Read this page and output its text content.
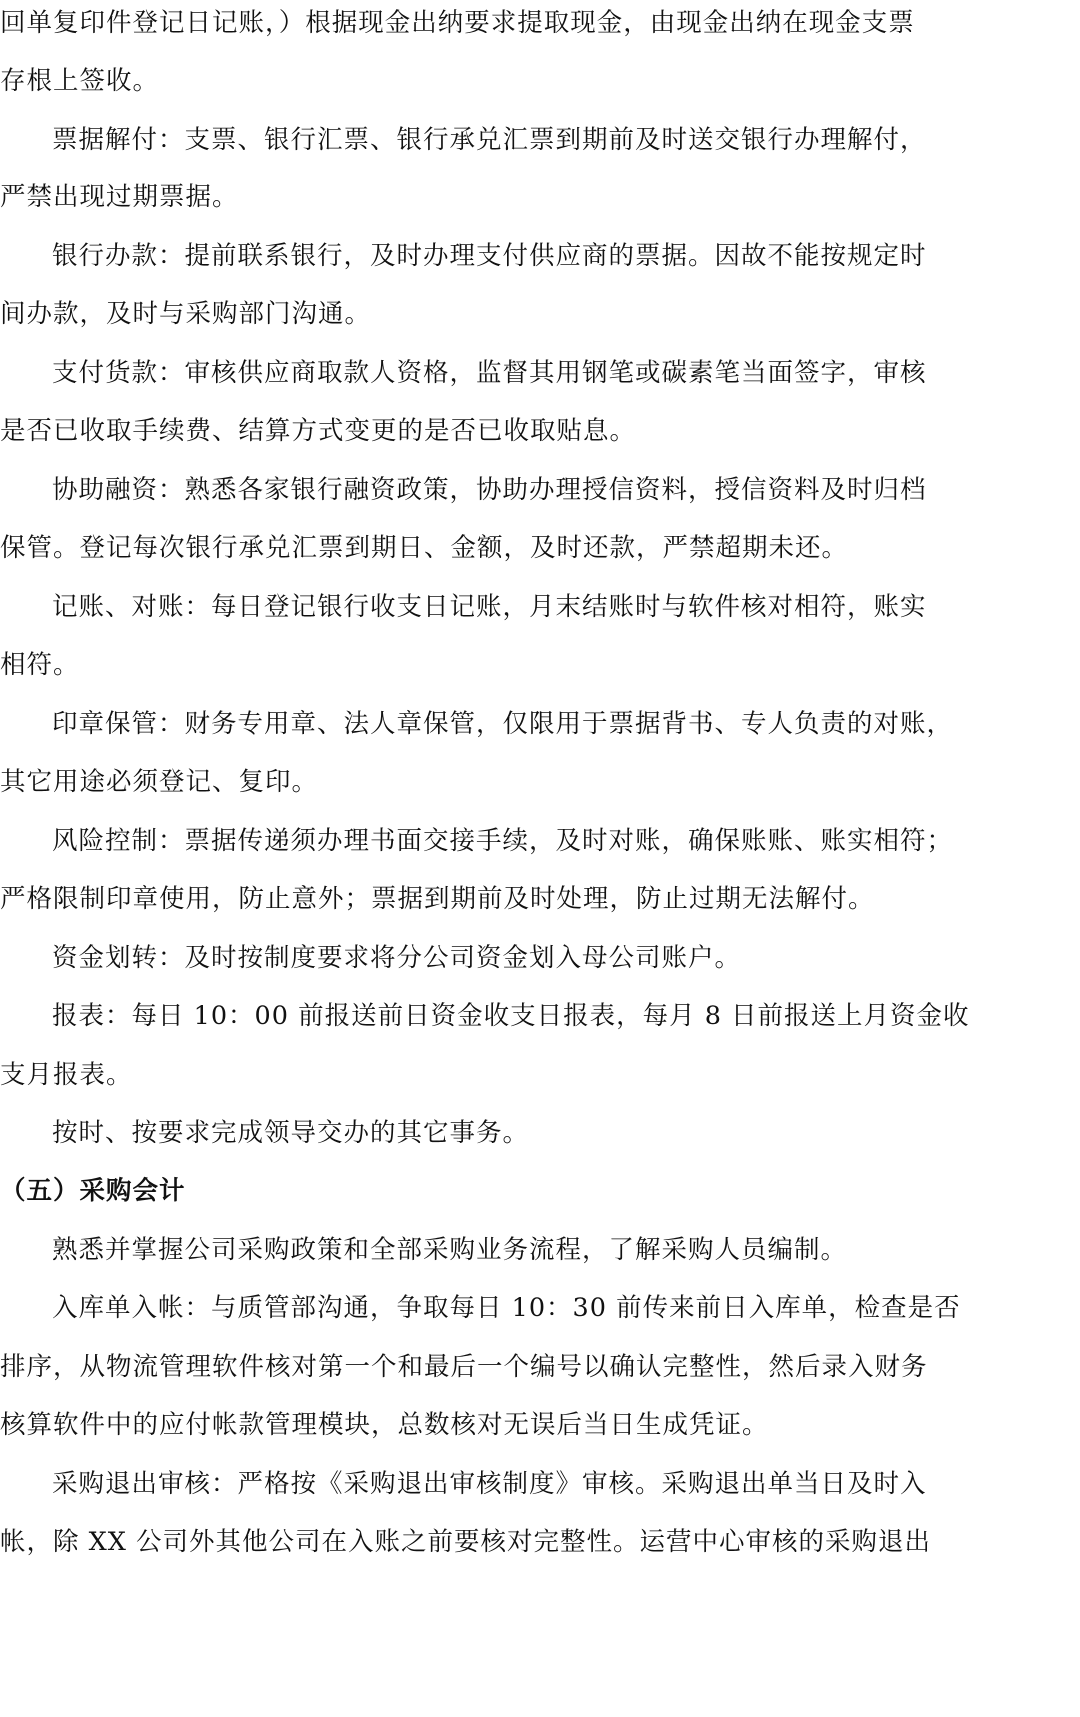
回单复印件登记日记账，）根据现金出纳要求提取现金，由现金出纳在现金支票
存根上签收。
票据解付：支票、银行汇票、银行承兑汇票到期前及时送交银行办理解付，
严禁出现过期票据。
银行办款：提前联系银行，及时办理支付供应商的票据。因故不能按规定时
间办款，及时与采购部门沟通。
支付货款：审核供应商取款人资格，监督其用钢笔或碳素笔当面签字，审核
是否已收取手续费、结算方式变更的是否已收取贴息。
协助融资：熟悉各家银行融资政策，协助办理授信资料，授信资料及时归档
保管。登记每次银行承兑汇票到期日、金额，及时还款，严禁超期未还。
记账、对账：每日登记银行收支日记账，月末结账时与软件核对相符，账实
相符。
印章保管：财务专用章、法人章保管，仅限用于票据背书、专人负责的对账，
其它用途必须登记、复印。
风险控制：票据传递须办理书面交接手续，及时对账，确保账账、账实相符；
严格限制印章使用，防止意外；票据到期前及时处理，防止过期无法解付。
资金划转：及时按制度要求将分公司资金划入母公司账户。
报表：每日 10：00 前报送前日资金收支日报表，每月 8 日前报送上月资金收
支月报表。
按时、按要求完成领导交办的其它事务。
（五）采购会计
熟悉并掌握公司采购政策和全部采购业务流程，了解采购人员编制。
入库单入帐：与质管部沟通，争取每日 10：30 前传来前日入库单，检查是否
排序，从物流管理软件核对第一个和最后一个编号以确认完整性，然后录入财务
核算软件中的应付帐款管理模块，总数核对无误后当日生成凭证。
采购退出审核：严格按《采购退出审核制度》审核。采购退出单当日及时入
帐，除 XX 公司外其他公司在入账之前要核对完整性。运营中心审核的采购退出
